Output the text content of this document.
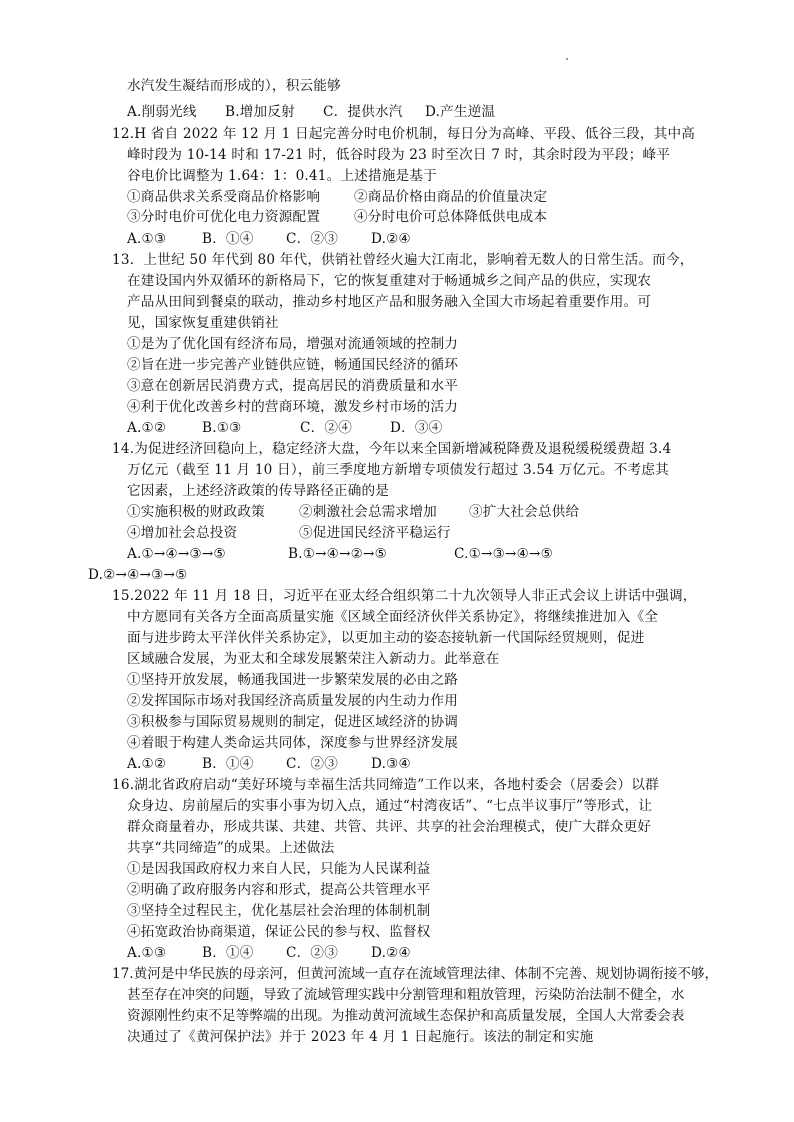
水汽发生凝结而形成的），积云能够
A.削弱光线 B.增加反射 C．提供水汽 D.产生逆温
12.H 省自 2022 年 12 月 1 日起完善分时电价机制，每日分为高峰、平段、低谷三段，其中高
峰时段为 10-14 时和 17-21 时，低谷时段为 23 时至次日 7 时，其余时段为平段；峰平
谷电价比调整为 1.64：1：0.41。上述措施是基于
①商品供求关系受商品价格影响 ②商品价格由商品的价值量决定
③分时电价可优化电力资源配置 ④分时电价可总体降低供电成本
A.①③	B．①④ C．②③ D.②④
13．上世纪 50 年代到 80 年代，供销社曾经火遍大江南北，影响着无数人的日常生活。而今，
在建设国内外双循环的新格局下，它的恢复重建对于畅通城乡之间产品的供应，实现农
产品从田间到餐桌的联动，推动乡村地区产品和服务融入全国大市场起着重要作用。可
见，国家恢复重建供销社
①是为了优化国有经济布局，增强对流通领域的控制力
②旨在进一步完善产业链供应链，畅通国民经济的循环
③意在创新居民消费方式，提高居民的消费质量和水平
④利于优化改善乡村的营商环境，激发乡村市场的活力
A.①②	B.①③	C．②④	D．③④
14.为促进经济回稳向上，稳定经济大盘，今年以来全国新增减税降费及退税缓税缓费超 3.4
万亿元（截至 11 月 10 日），前三季度地方新增专项债发行超过 3.54 万亿元。不考虑其
它因素，上述经济政策的传导路径正确的是
①实施积极的财政政策	②刺激社会总需求增加 ③扩大社会总供给
④增加社会总投资	⑤促进国民经济平稳运行
A.①→④→③→⑤	B.①→④→②→⑤	C.①→③→④→⑤
D.②→④→③→⑤
15.2022 年 11 月 18 日，习近平在亚太经合组织第二十九次领导人非正式会议上讲话中强调，
中方愿同有关各方全面高质量实施《区域全面经济伙伴关系协定》，将继续推进加入《全
面与进步跨太平洋伙伴关系协定》，以更加主动的姿态接轨新一代国际经贸规则，促进
区域融合发展，为亚太和全球发展繁荣注入新动力。此举意在
①坚持开放发展，畅通我国进一步繁荣发展的必由之路
②发挥国际市场对我国经济高质量发展的内生动力作用
③积极参与国际贸易规则的制定，促进区域经济的协调
④着眼于构建人类命运共同体，深度参与世界经济发展
A.①②	B．①④ C．②③ D.③④
16.湖北省政府启动“美好环境与幸福生活共同缔造”工作以来，各地村委会（居委会）以群
众身边、房前屋后的实事小事为切入点，通过“村湾夜话”、“七点半议事厅”等形式，让
群众商量着办，形成共谋、共建、共管、共评、共享的社会治理模式，使广大群众更好
共享“共同缔造”的成果。上述做法
①是因我国政府权力来自人民，只能为人民谋利益
②明确了政府服务内容和形式，提高公共管理水平
③坚持全过程民主，优化基层社会治理的体制机制
④拓宽政治协商渠道，保证公民的参与权、监督权
A.①③	B．①④ C．②③ D.②④
17.黄河是中华民族的母亲河，但黄河流域一直存在流域管理法律、体制不完善、规划协调衔接不够，
甚至存在冲突的问题，导致了流域管理实践中分割管理和粗放管理，污染防治法制不健全，水
资源刚性约束不足等弊端的出现。为推动黄河流域生态保护和高质量发展，全国人大常委会表
决通过了《黄河保护法》并于 2023 年 4 月 1 日起施行。该法的制定和实施
